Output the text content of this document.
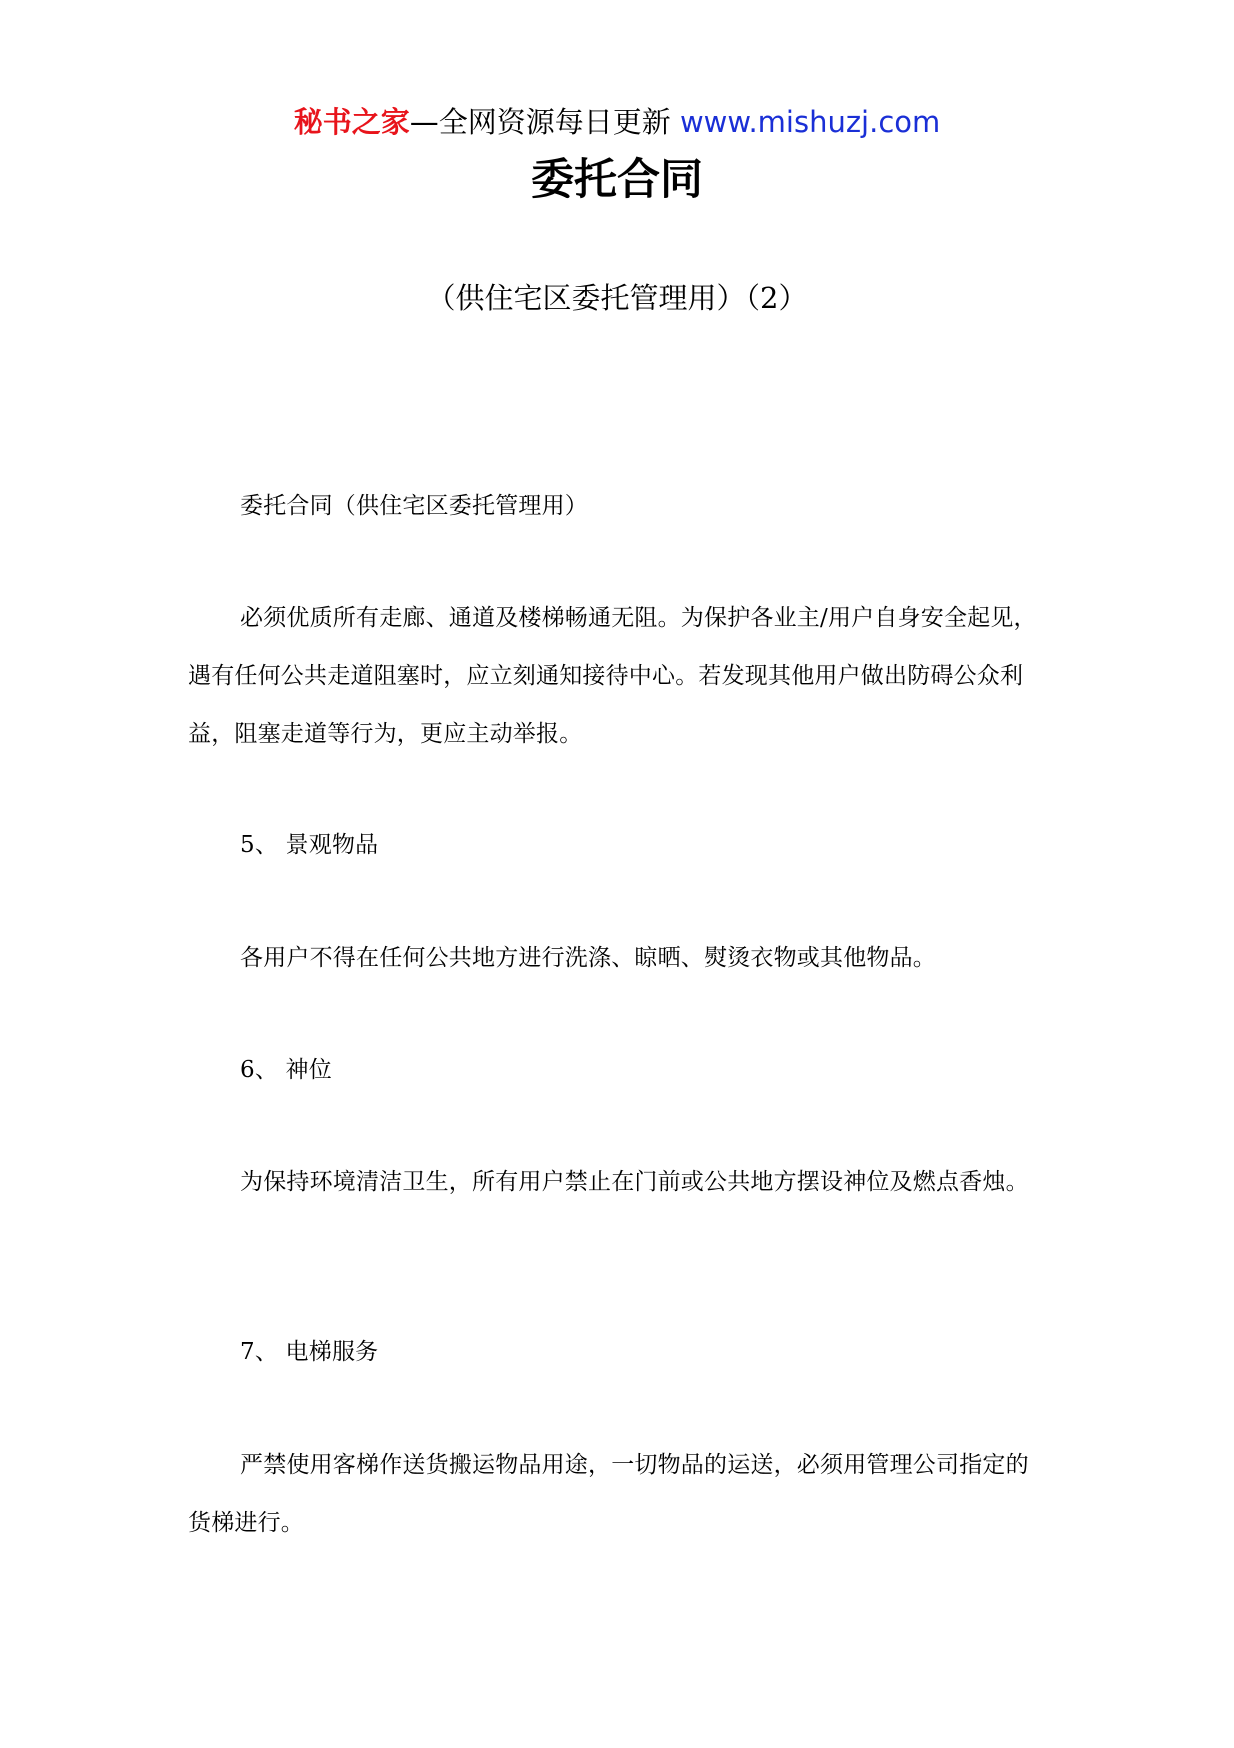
秘书之家—全网资源每日更新 www.mishuzj.com
委托合同
（供住宅区委托管理用）（2）

委托合同（供住宅区委托管理用）

必须优质所有走廊、通道及楼梯畅通无阻。为保护各业主/用户自身安全起见，遇有任何公共走道阻塞时，应立刻通知接待中心。若发现其他用户做出防碍公众利益，阻塞走道等行为，更应主动举报。

5、 景观物品

各用户不得在任何公共地方进行洗涤、晾晒、熨烫衣物或其他物品。

6、 神位

为保持环境清洁卫生，所有用户禁止在门前或公共地方摆设神位及燃点香烛。

7、 电梯服务

严禁使用客梯作送货搬运物品用途，一切物品的运送，必须用管理公司指定的货梯进行。
